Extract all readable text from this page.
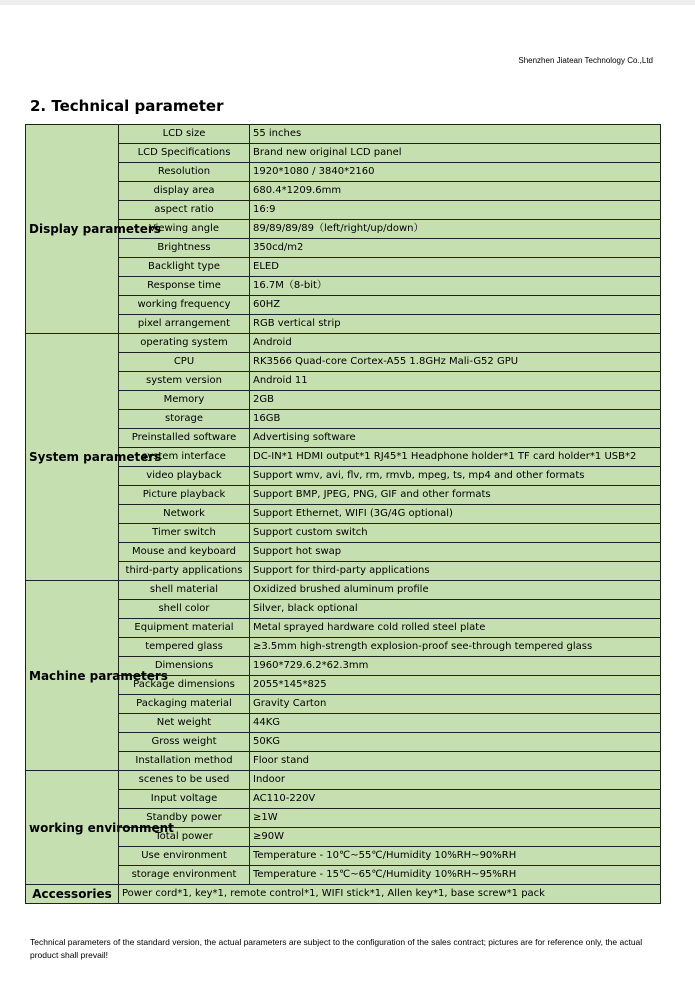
Shenzhen Jiatean Technology Co.,Ltd
2. Technical parameter
Display parameters	LCD size	55 inches
	LCD Specifications	Brand new original LCD panel
	Resolution	1920*1080 / 3840*2160
	display area	680.4*1209.6mm
	aspect ratio	16:9
	Viewing angle	89/89/89/89（left/right/up/down）
	Brightness	350cd/m2
	Backlight type	ELED
	Response time	16.7M（8-bit）
	working frequency	60HZ
	pixel arrangement	RGB vertical strip
System parameters	operating system	Android
	CPU	RK3566 Quad-core Cortex-A55 1.8GHz Mali-G52 GPU
	system version	Android 11
	Memory	2GB
	storage	16GB
	Preinstalled software	Advertising software
	system interface	DC-IN*1 HDMI output*1 RJ45*1 Headphone holder*1 TF card holder*1 USB*2
	video playback	Support wmv, avi, flv, rm, rmvb, mpeg, ts, mp4 and other formats
	Picture playback	Support BMP, JPEG, PNG, GIF and other formats
	Network	Support Ethernet, WIFI (3G/4G optional)
	Timer switch	Support custom switch
	Mouse and keyboard	Support hot swap
	third-party applications	Support for third-party applications
Machine parameters	shell material	Oxidized brushed aluminum profile
	shell color	Silver, black optional
	Equipment material	Metal sprayed hardware cold rolled steel plate
	tempered glass	≥3.5mm high-strength explosion-proof see-through tempered glass
	Dimensions	1960*729.6.2*62.3mm
	Package dimensions	2055*145*825
	Packaging material	Gravity Carton
	Net weight	44KG
	Gross weight	50KG
	Installation method	Floor stand
working environment	scenes to be used	Indoor
	Input voltage	AC110-220V
	Standby power	≥1W
	Total power	≥90W
	Use environment	Temperature - 10℃~55℃/Humidity 10%RH~90%RH
	storage environment	Temperature - 15℃~65℃/Humidity 10%RH~95%RH
Accessories	Power cord*1, key*1, remote control*1, WIFI stick*1, Allen key*1, base screw*1 pack	
Technical parameters of the standard version, the actual parameters are subject to the configuration of the sales contract; pictures are for reference only, the actual product shall prevail!
